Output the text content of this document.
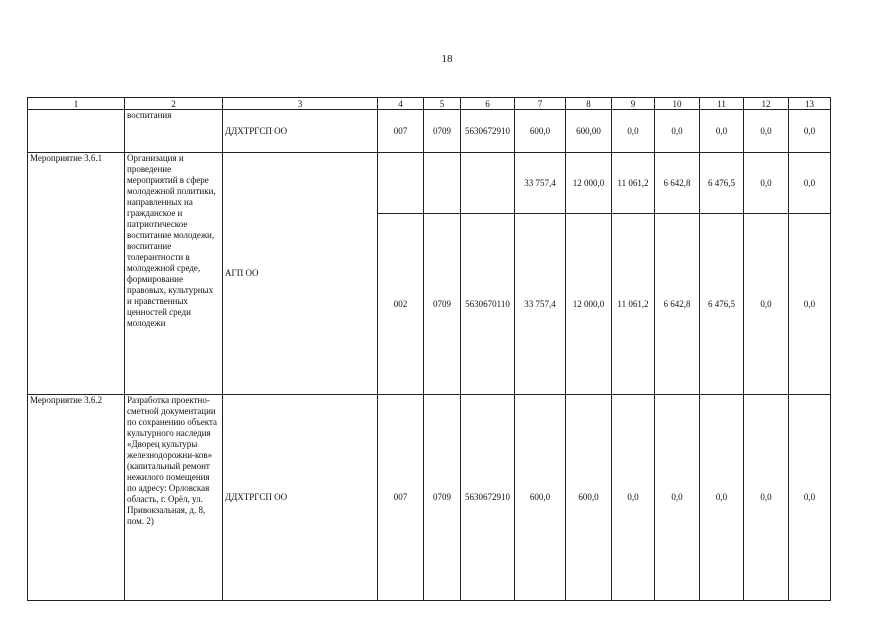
18
1	2	3	4	5	6	7	8	9	10	11	12	13
	воспитания	ДДХТРГСП ОО	007	0709	5630672910	600,0	600,00	0,0	0,0	0,0	0,0	0,0
Мероприятие 3.6.1	Организация и проведение мероприятий в сфере молодежной политики, направленных на гражданское и патриотическое воспитание молодежи, воспитание толерантности в молодежной среде, формирование правовых, культурных и нравственных ценностей среди молодежи	АГП ОО				33 757,4	12 000,0	11 061,2	6 642,8	6 476,5	0,0	0,0
			002	0709	5630670110	33 757,4	12 000,0	11 061,2	6 642,8	6 476,5	0,0	0,0
Мероприятие 3.6.2	Разработка проектно-сметной документации по сохранению объекта культурного наследия «Дворец культуры железнодорожни-ков» (капитальный ремонт нежилого помещения по адресу: Орловская область, г. Орёл, ул. Привокзальная, д. 8, пом. 2)	ДДХТРГСП ОО	007	0709	5630672910	600,0	600,0	0,0	0,0	0,0	0,0	0,0
